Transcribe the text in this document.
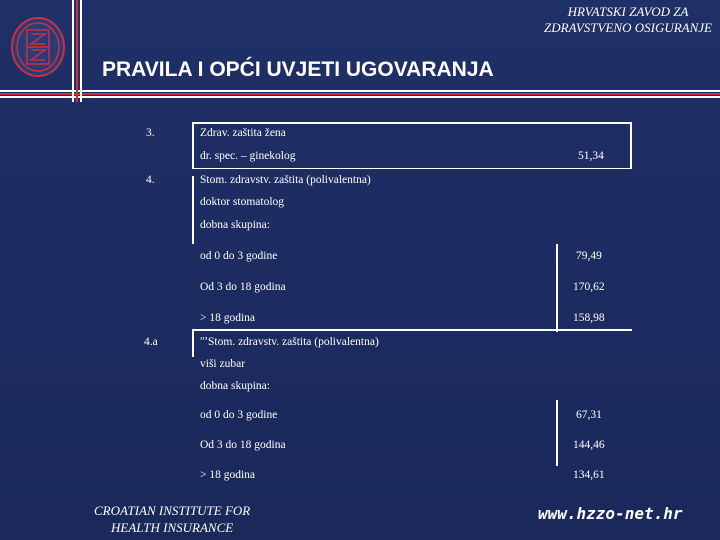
HRVATSKI ZAVOD ZA
ZDRAVSTVENO OSIGURANJE
PRAVILA I OPĆI UVJETI UGOVARANJA
3.	Zdrav. zaštita žena
dr. spec. – ginekolog	51,34
4.	Stom. zdravstv. zaštita (polivalentna)
doktor stomatolog
dobna skupina:
od 0 do 3 godine	79,49
Od 3 do 18 godina	170,62
> 18 godina	158,98
4.a	ʺʼStom. zdravstv. zaštita (polivalentna)
viši zubar
dobna skupina:
od 0 do 3 godine	67,31
Od 3 do 18 godina	144,46
> 18 godina	134,61
CROATIAN INSTITUTE FOR
HEALTH INSURANCE
www.hzzo-net.hr
